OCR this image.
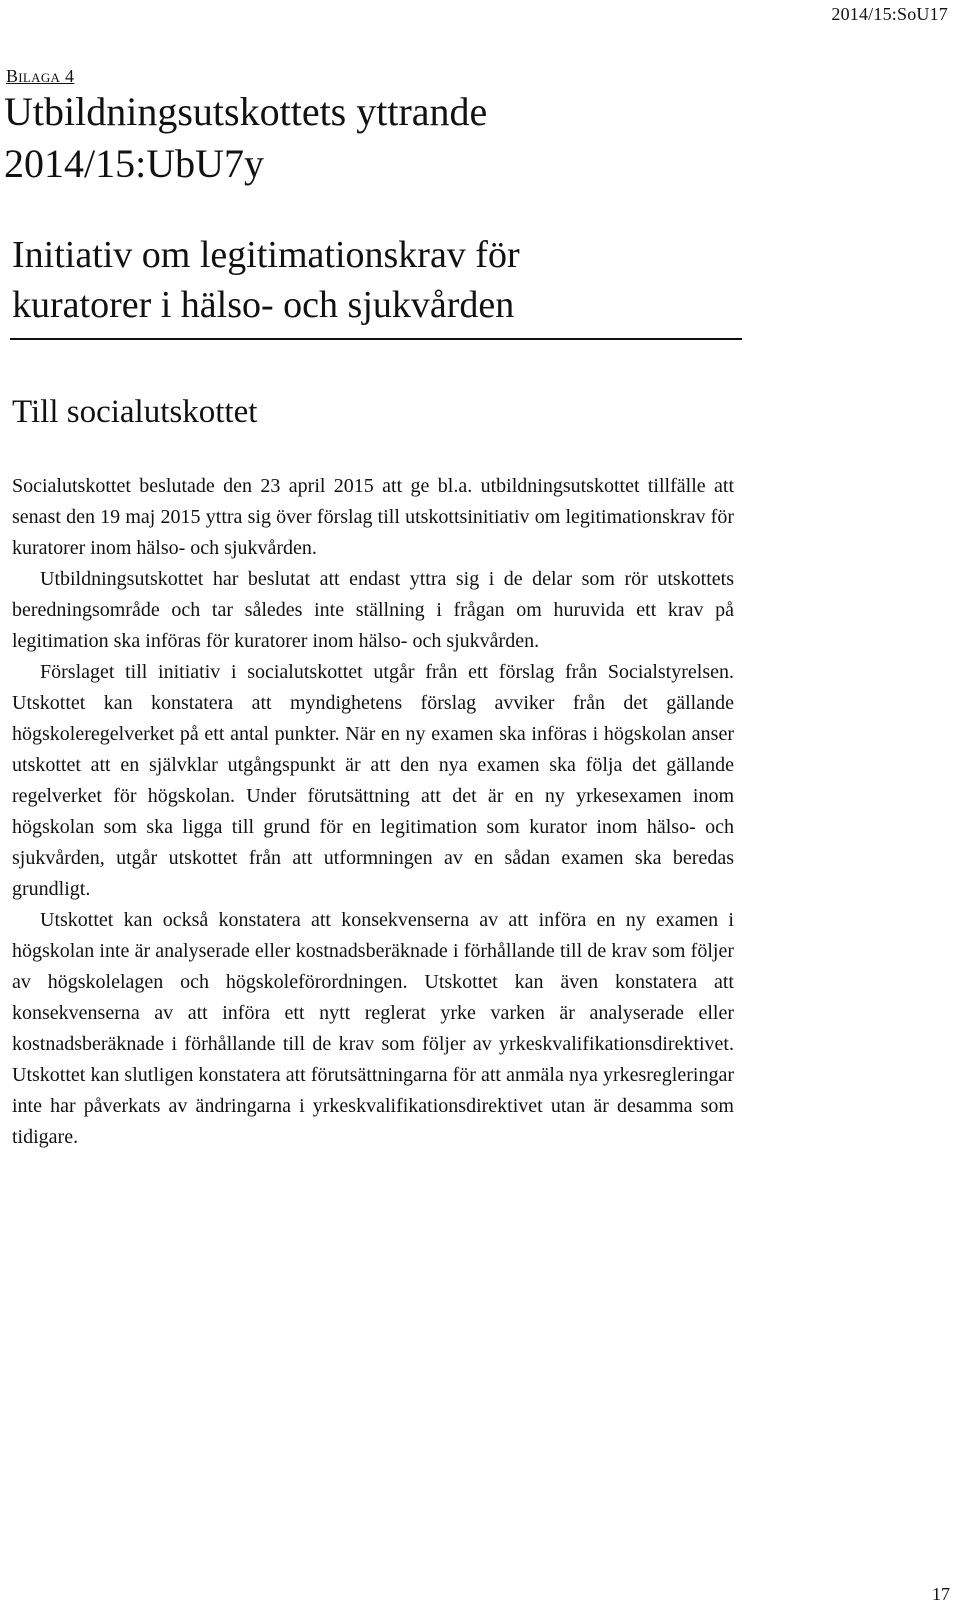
2014/15:SoU17
Bilaga 4
Utbildningsutskottets yttrande
2014/15:UbU7y
Initiativ om legitimationskrav för
kuratorer i hälso- och sjukvården
Till socialutskottet

Socialutskottet beslutade den 23 april 2015 att ge bl.a. utbildningsutskottet tillfälle att senast den 19 maj 2015 yttra sig över förslag till utskottsinitiativ om legitimationskrav för kuratorer inom hälso- och sjukvården.

Utbildningsutskottet har beslutat att endast yttra sig i de delar som rör utskottets beredningsområde och tar således inte ställning i frågan om huruvida ett krav på legitimation ska införas för kuratorer inom hälso- och sjukvården.

Förslaget till initiativ i socialutskottet utgår från ett förslag från Socialstyrelsen. Utskottet kan konstatera att myndighetens förslag avviker från det gällande högskoleregelverket på ett antal punkter. När en ny examen ska införas i högskolan anser utskottet att en självklar utgångspunkt är att den nya examen ska följa det gällande regelverket för högskolan. Under förutsättning att det är en ny yrkesexamen inom högskolan som ska ligga till grund för en legitimation som kurator inom hälso- och sjukvården, utgår utskottet från att utformningen av en sådan examen ska beredas grundligt.

Utskottet kan också konstatera att konsekvenserna av att införa en ny examen i högskolan inte är analyserade eller kostnadsberäknade i förhållande till de krav som följer av högskolelagen och högskoleförordningen. Utskottet kan även konstatera att konsekvenserna av att införa ett nytt reglerat yrke varken är analyserade eller kostnadsberäknade i förhållande till de krav som följer av yrkeskvalifikationsdirektivet. Utskottet kan slutligen konstatera att förutsättningarna för att anmäla nya yrkesregleringar inte har påverkats av ändringarna i yrkeskvalifikationsdirektivet utan är desamma som tidigare.

17
